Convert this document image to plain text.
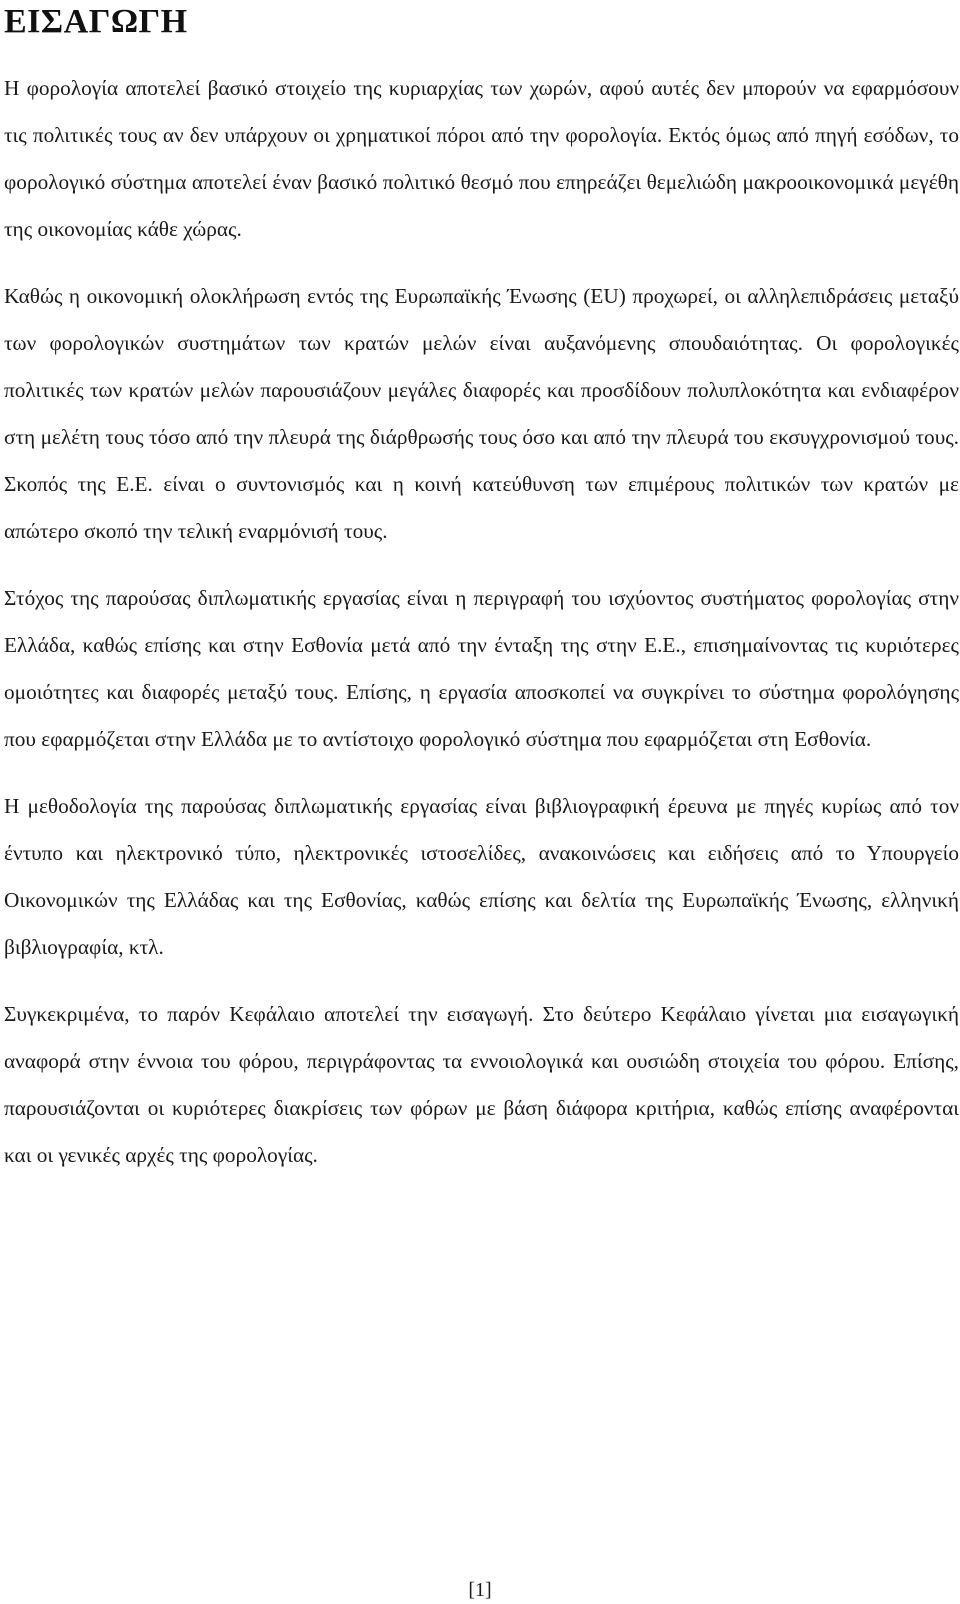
ΕΙΣΑΓΩΓΗ

Η φορολογία αποτελεί βασικό στοιχείο της κυριαρχίας των χωρών, αφού αυτές δεν μπορούν να εφαρμόσουν τις πολιτικές τους αν δεν υπάρχουν οι χρηματικοί πόροι από την φορολογία. Εκτός όμως από πηγή εσόδων, το φορολογικό σύστημα αποτελεί έναν βασικό πολιτικό θεσμό που επηρεάζει θεμελιώδη μακροοικονομικά μεγέθη της οικονομίας κάθε χώρας.

Καθώς η οικονομική ολοκλήρωση εντός της Ευρωπαϊκής Ένωσης (EU) προχωρεί, οι αλληλεπιδράσεις μεταξύ των φορολογικών συστημάτων των κρατών μελών είναι αυξανόμενης σπουδαιότητας. Οι φορολογικές πολιτικές των κρατών μελών παρουσιάζουν μεγάλες διαφορές και προσδίδουν πολυπλοκότητα και ενδιαφέρον στη μελέτη τους τόσο από την πλευρά της διάρθρωσής τους όσο και από την πλευρά του εκσυγχρονισμού τους. Σκοπός της Ε.Ε. είναι ο συντονισμός και η κοινή κατεύθυνση των επιμέρους πολιτικών των κρατών με απώτερο σκοπό την τελική εναρμόνισή τους.

Στόχος της παρούσας διπλωματικής εργασίας είναι η περιγραφή του ισχύοντος συστήματος φορολογίας στην Ελλάδα, καθώς επίσης και στην Εσθονία μετά από την ένταξη της στην Ε.Ε., επισημαίνοντας τις κυριότερες ομοιότητες και διαφορές μεταξύ τους. Επίσης, η εργασία αποσκοπεί να συγκρίνει το σύστημα φορολόγησης που εφαρμόζεται στην Ελλάδα με το αντίστοιχο φορολογικό σύστημα που εφαρμόζεται στη Εσθονία.

Η μεθοδολογία της παρούσας διπλωματικής εργασίας είναι βιβλιογραφική έρευνα με πηγές κυρίως από τον έντυπο και ηλεκτρονικό τύπο, ηλεκτρονικές ιστοσελίδες, ανακοινώσεις και ειδήσεις από το Υπουργείο Οικονομικών της Ελλάδας και της Εσθονίας, καθώς επίσης και δελτία της Ευρωπαϊκής Ένωσης, ελληνική βιβλιογραφία, κτλ.

Συγκεκριμένα, το παρόν Κεφάλαιο αποτελεί την εισαγωγή. Στο δεύτερο Κεφάλαιο γίνεται μια εισαγωγική αναφορά στην έννοια του φόρου, περιγράφοντας τα εννοιολογικά και ουσιώδη στοιχεία του φόρου. Επίσης, παρουσιάζονται οι κυριότερες διακρίσεις των φόρων με βάση διάφορα κριτήρια, καθώς επίσης αναφέρονται και οι γενικές αρχές της φορολογίας.

[1]
